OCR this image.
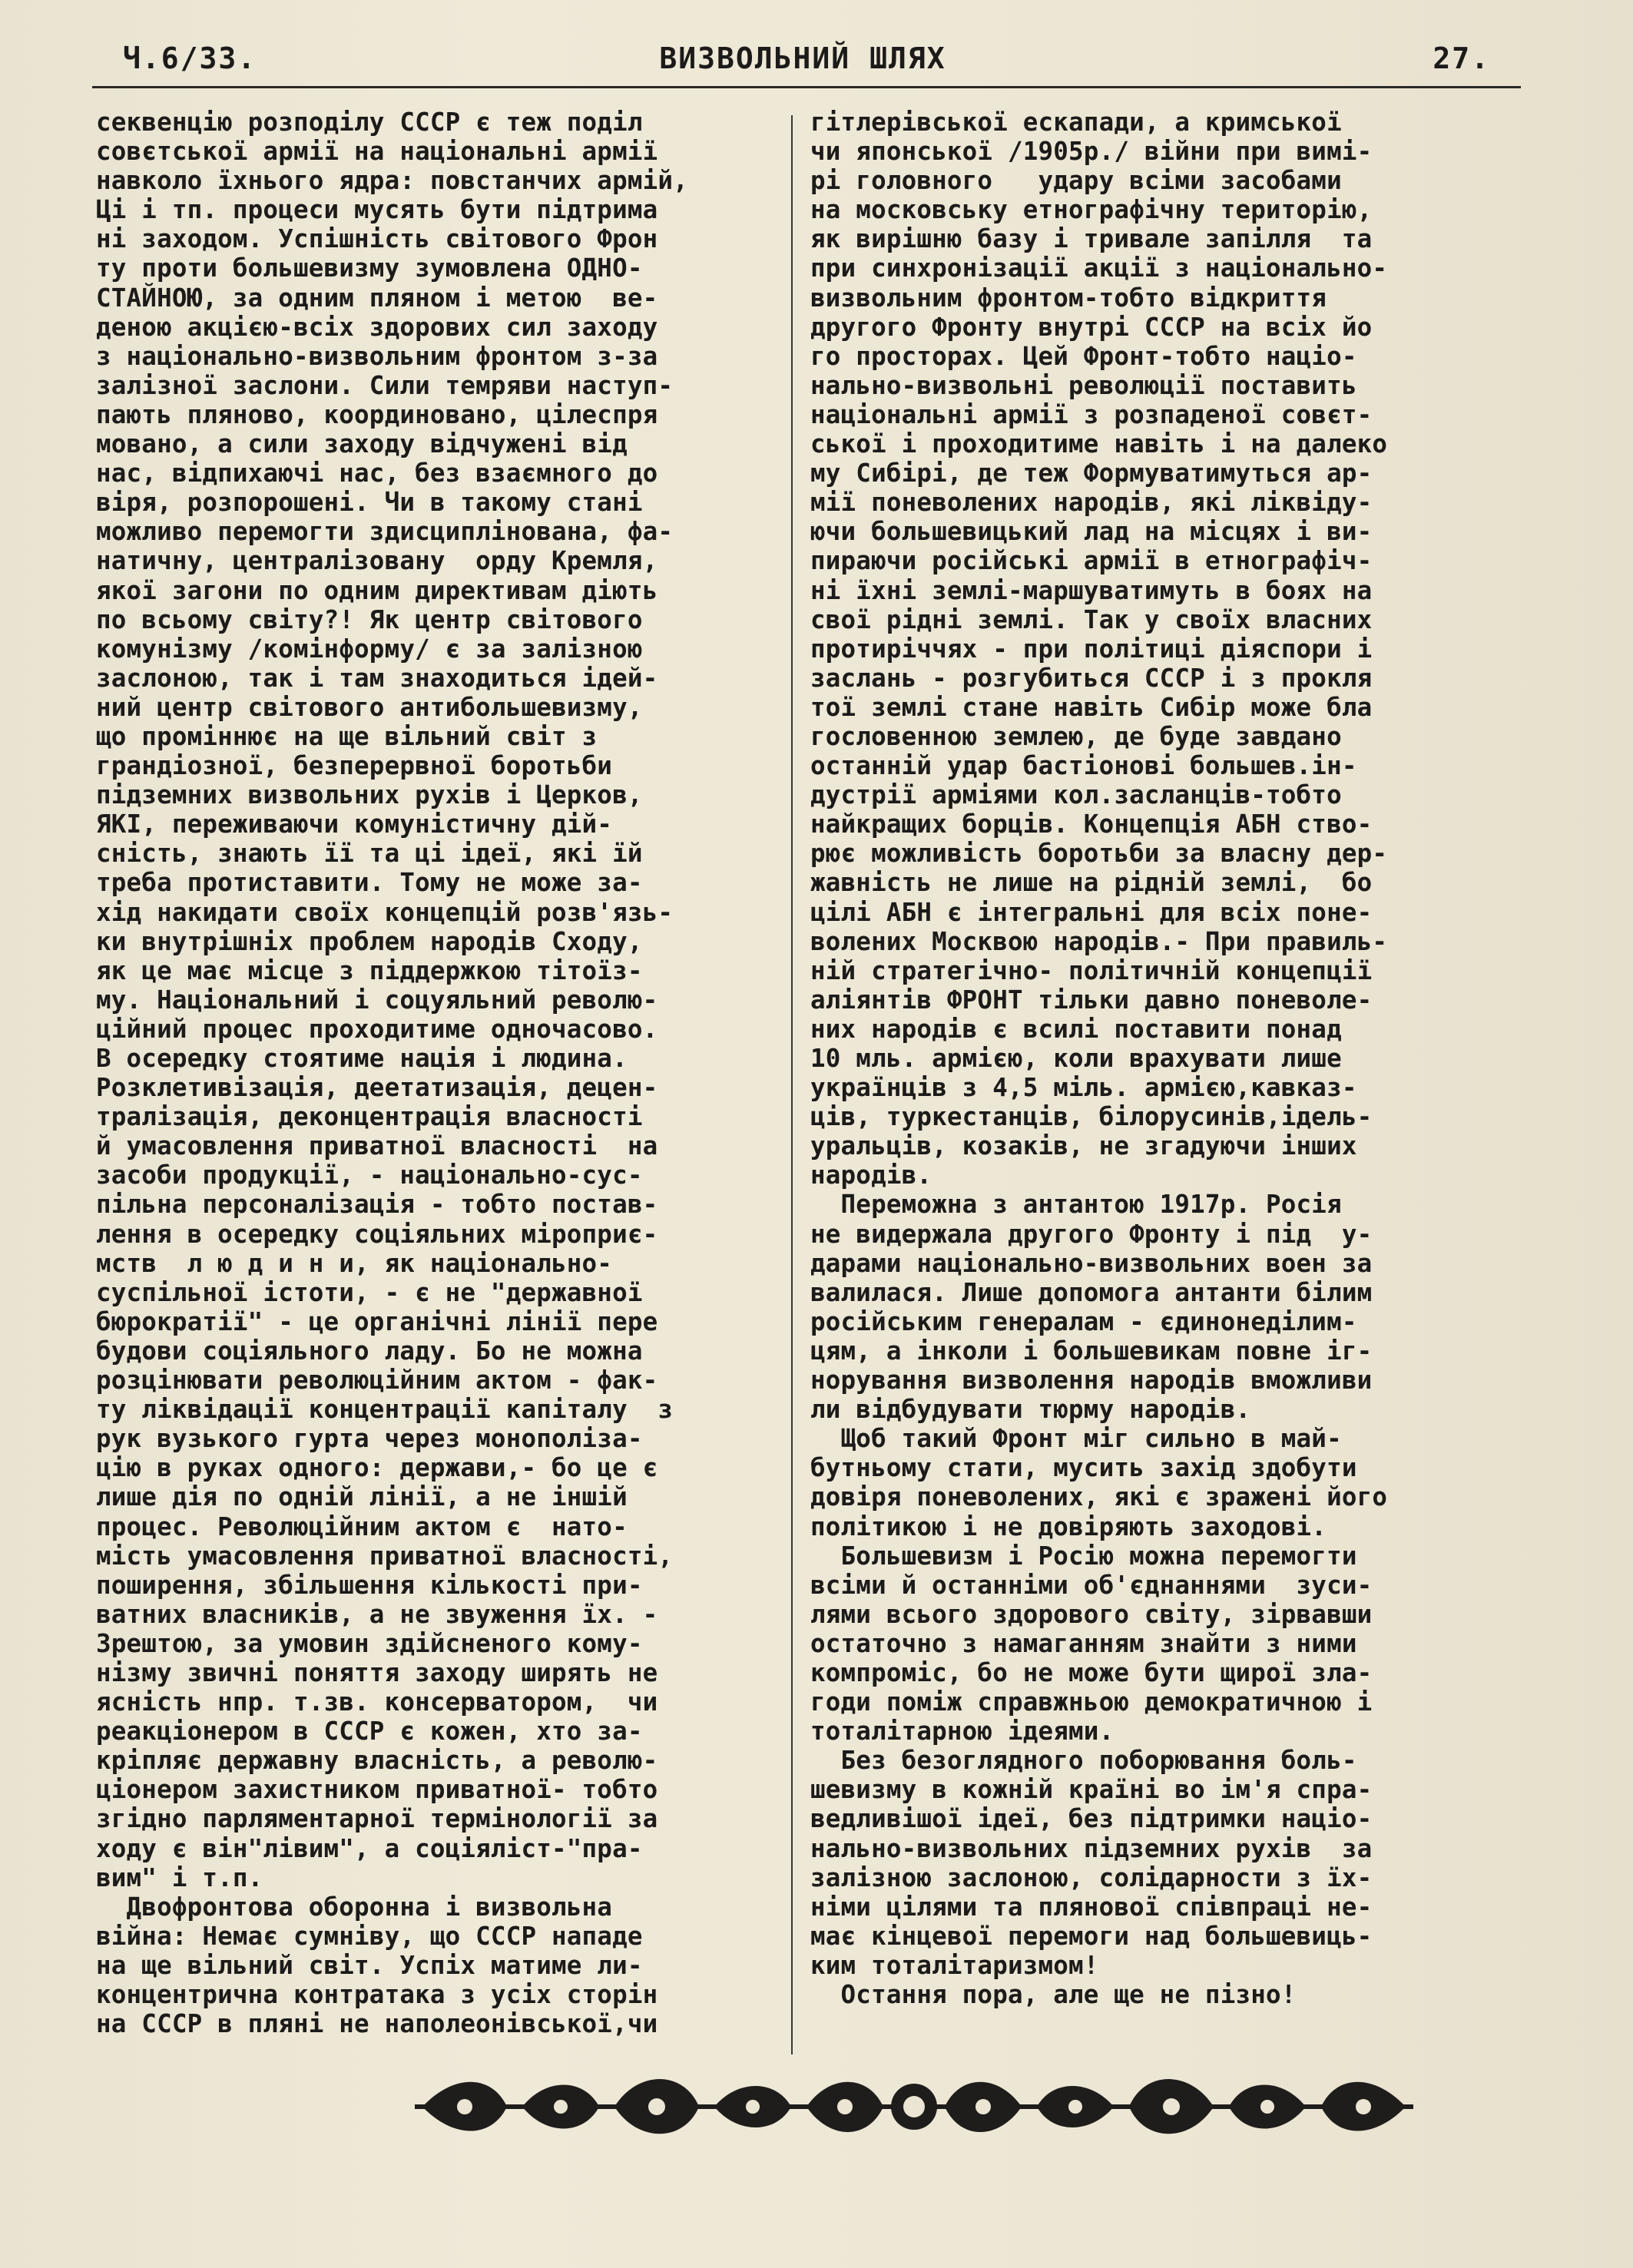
Ч.6/33.	ВИЗВОЛЬНИЙ ШЛЯХ	27.
секвенцію розподілу СССР є теж поділ
совєтської армії на національні армії
навколо їхнього ядра: повстанчих армій,
Ці і тп. процеси мусять бути підтрима
ні заходом. Успішність світового Фрон
ту проти большевизму зумовлена ОДНО-
СТАЙНОЮ, за одним пляном і метою  ве-
деною акцією-всіх здорових сил заходу
з національно-визвольним фронтом з-за
залізної заслони. Сили темряви наступ-
пають пляново, координовано, цілеспря
мовано, а сили заходу відчужені від
нас, відпихаючі нас, без взаємного до
віря, розпорошені. Чи в такому стані
можливо перемогти здисциплінована, фа-
натичну, централізовану  орду Кремля,
якої загони по одним директивам діють
по всьому світу?! Як центр світового
комунізму /комінформу/ є за залізною
заслоною, так і там знаходиться ідей-
ний центр світового антибольшевизму,
що проміннює на ще вільний світ з
грандіозної, безперервної боротьби
підземних визвольних рухів і Церков,
ЯКІ, переживаючи комуністичну дій-
сність, знають її та ці ідеї, які їй
треба протиставити. Тому не може за-
хід накидати своїх концепцій розв'язь-
ки внутрішніх проблем народів Сходу,
як це має місце з піддержкою тітоїз-
му. Національний і соцуяльний револю-
ційний процес проходитиме одночасово.
В осередку стоятиме нація і людина.
Розклетивізація, деетатизація, децен-
тралізація, деконцентрація власності
й умасовлення приватної власності  на
засоби продукції, - національно-сус-
пільна персоналізація - тобто постав-
лення в осередку соціяльних міроприє-
мств  л ю д и н и, як національно-
суспільної істоти, - є не "державної
бюрократії" - це органічні лінії пере
будови соціяльного ладу. Бо не можна
розцінювати революційним актом - фак-
ту ліквідації концентрації капіталу  з
рук вузького гурта через монополіза-
цію в руках одного: держави,- бо це є
лише дія по одній лінії, а не іншій
процес. Революційним актом є  нато-
мість умасовлення приватної власності,
поширення, збільшення кількості при-
ватних власників, а не звуження їх. -
Зрештою, за умовин здійсненого кому-
нізму звичні поняття заходу ширять не
ясність нпр. т.зв. консерватором,  чи
реакціонером в СССР є кожен, хто за-
кріпляє державну власність, а револю-
ціонером захистником приватної- тобто
згідно парляментарної термінології за
ходу є він"лівим", а соціяліст-"пра-
вим" і т.п.
Двофронтова оборонна і визвольна
війна: Немає сумніву, що СССР нападе
на ще вільний світ. Успіх матиме ли-
концентрична контратака з усіх сторін
на СССР в пляні не наполеонівської,чи
гітлерівської ескапади, а кримської
чи японської /1905р./ війни при вимі-
рі головного   удару всіми засобами
на московську етнографічну територію,
як вирішню базу і тривале запілля  та
при синхронізації акції з національно-
визвольним фронтом-тобто відкриття
другого Фронту внутрі СССР на всіх йо
го просторах. Цей Фронт-тобто націо-
нально-визвольні революції поставить
національні армії з розпаденої совєт-
ської і проходитиме навіть і на далеко
му Сибірі, де теж Формуватимуться ар-
мії поневолених народів, які ліквіду-
ючи большевицький лад на місцях і ви-
пираючи російські армії в етнографіч-
ні їхні землі-маршуватимуть в боях на
свої рідні землі. Так у своїх власних
протиріччях - при політиці діяспори і
заслань - розгубиться СССР і з прокля
тої землі стане навіть Сибір може бла
гословенною землею, де буде завдано
останній удар бастіонові большев.ін-
дустрії арміями кол.засланців-тобто
найкращих борців. Концепція АБН ство-
рює можливість боротьби за власну дер-
жавність не лише на рідній землі,  бо
цілі АБН є інтегральні для всіх поне-
волених Москвою народів.- При правиль-
ній стратегічно- політичній концепції
аліянтів ФРОНТ тільки давно поневоле-
них народів є всилі поставити понад
10 мль. армією, коли врахувати лише
українців з 4,5 міль. армією,кавказ-
ців, туркестанців, білорусинів,ідель-
уральців, козаків, не згадуючи інших
народів.
Переможна з антантою 1917р. Росія
не видержала другого Фронту і під  у-
дарами національно-визвольних воен за
валилася. Лише допомога антанти білим
російським генералам - єдинонеділим-
цям, а інколи і большевикам повне іг-
норування визволення народів вможливи
ли відбудувати тюрму народів.
Щоб такий Фронт міг сильно в май-
бутньому стати, мусить захід здобути
довіря поневолених, які є зражені його
політикою і не довіряють заходові.
Большевизм і Росію можна перемогти
всіми й останніми об'єднаннями  зуси-
лями всього здорового світу, зірвавши
остаточно з намаганням знайти з ними
компроміс, бо не може бути щирої зла-
годи поміж справжньою демократичною і
тоталітарною ідеями.
Без безоглядного поборювання боль-
шевизму в кожній країні во ім'я спра-
ведливішої ідеї, без підтримки націо-
нально-визвольних підземних рухів  за
залізною заслоною, солідарности з їх-
німи цілями та плянової співпраці не-
має кінцевої перемоги над большевиць-
ким тоталітаризмом!
Остання пора, але ще не пізно!
